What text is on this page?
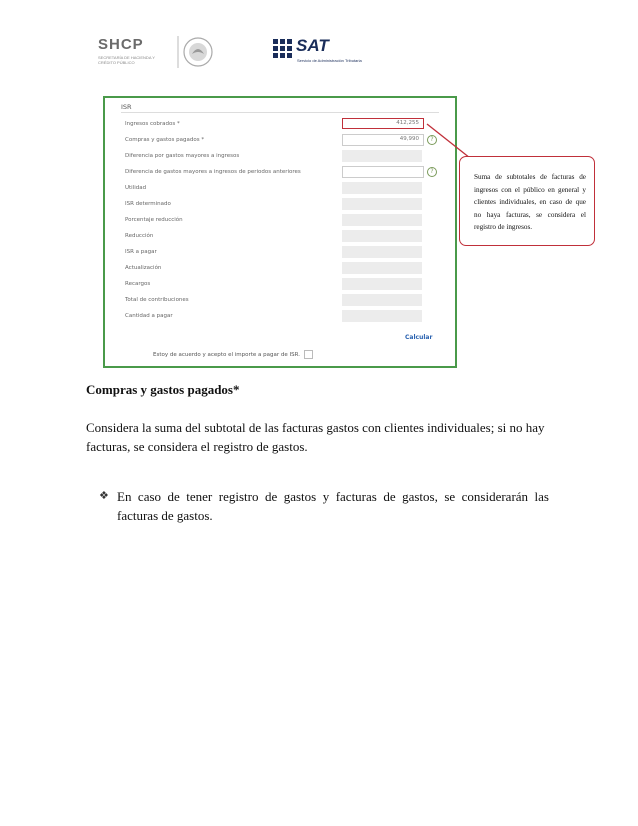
SHCP
SECRETARÍA DE HACIENDA Y CRÉDITO PÚBLICO
SAT
Servicio de Administración Tributaria
ISR
Ingresos cobrados *	412,255
Compras y gastos pagados *	49,990	?
Diferencia por gastos mayores a ingresos
Diferencia de gastos mayores a ingresos de periodos anteriores	?
Utilidad
ISR determinado
Porcentaje reducción
Reducción
ISR a pagar
Actualización
Recargos
Total de contribuciones
Cantidad a pagar
Calcular
Estoy de acuerdo y acepto el importe a pagar de ISR.
Suma de subtotales de facturas de ingresos con el público en general y clientes individuales, en caso de que no haya facturas, se considera el registro de ingresos.
Compras y gastos pagados*
Considera la suma del subtotal de las facturas gastos con clientes individuales; si no hay facturas, se considera el registro de gastos.
❖ En caso de tener registro de gastos y facturas de gastos, se considerarán las facturas de gastos.
